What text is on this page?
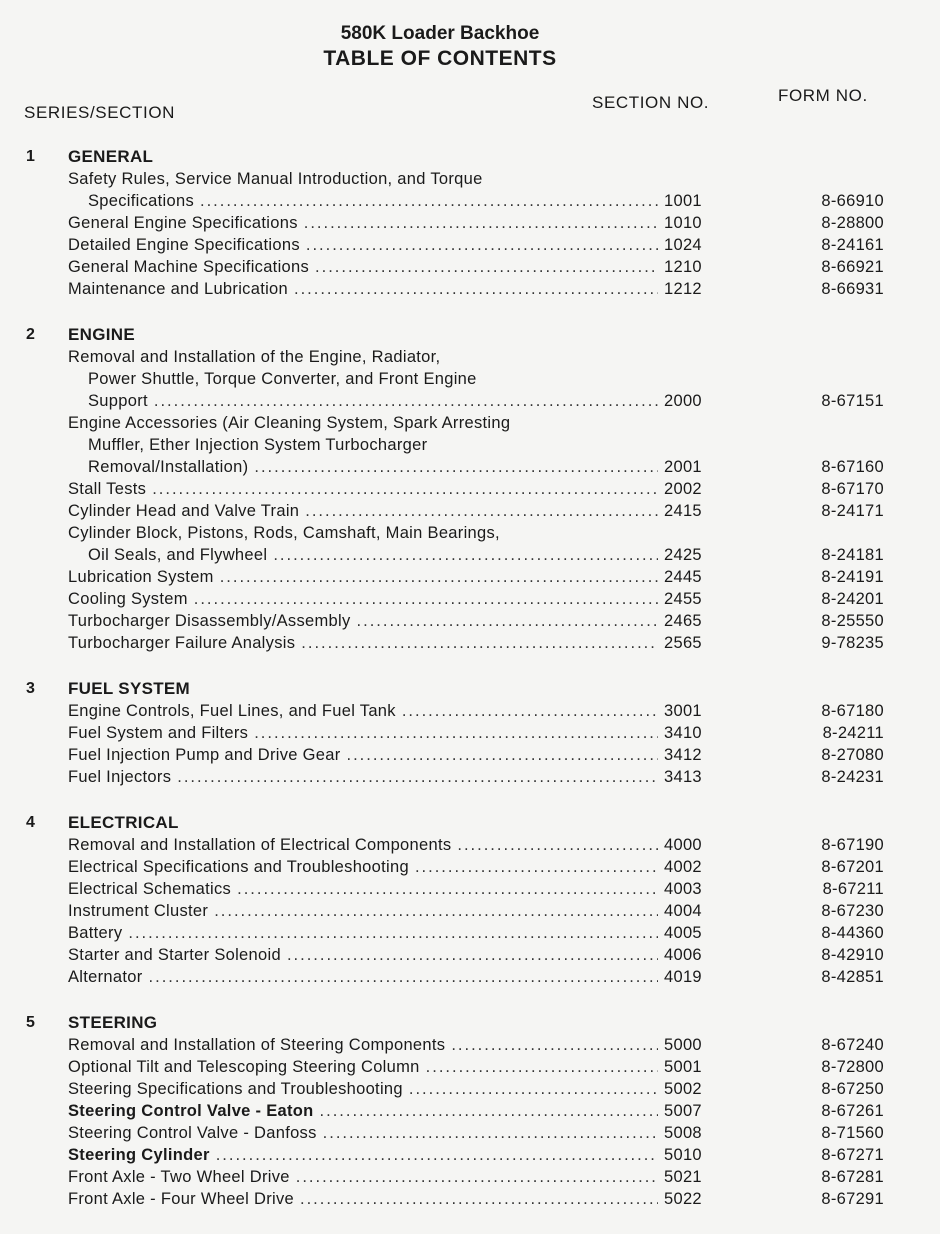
580K Loader Backhoe
TABLE OF CONTENTS
SERIES/SECTION
SECTION NO.	FORM NO.
1 GENERAL
Safety Rules, Service Manual Introduction, and Torque
Specifications .....	1001	8-66910
General Engine Specifications .....	1010	8-28800
Detailed Engine Specifications .....	1024	8-24161
General Machine Specifications .....	1210	8-66921
Maintenance and Lubrication .....	1212	8-66931
2 ENGINE
Removal and Installation of the Engine, Radiator,
Power Shuttle, Torque Converter, and Front Engine
Support .....	2000	8-67151
Engine Accessories (Air Cleaning System, Spark Arresting
Muffler, Ether Injection System Turbocharger
Removal/Installation) .....	2001	8-67160
Stall Tests .....	2002	8-67170
Cylinder Head and Valve Train .....	2415	8-24171
Cylinder Block, Pistons, Rods, Camshaft, Main Bearings,
Oil Seals, and Flywheel .....	2425	8-24181
Lubrication System .....	2445	8-24191
Cooling System .....	2455	8-24201
Turbocharger Disassembly/Assembly .....	2465	8-25550
Turbocharger Failure Analysis .....	2565	9-78235
3 FUEL SYSTEM
Engine Controls, Fuel Lines, and Fuel Tank .....	3001	8-67180
Fuel System and Filters .....	3410	8-24211
Fuel Injection Pump and Drive Gear .....	3412	8-27080
Fuel Injectors .....	3413	8-24231
4 ELECTRICAL
Removal and Installation of Electrical Components .....	4000	8-67190
Electrical Specifications and Troubleshooting .....	4002	8-67201
Electrical Schematics .....	4003	8-67211
Instrument Cluster .....	4004	8-67230
Battery .....	4005	8-44360
Starter and Starter Solenoid .....	4006	8-42910
Alternator .....	4019	8-42851
5 STEERING
Removal and Installation of Steering Components .....	5000	8-67240
Optional Tilt and Telescoping Steering Column .....	5001	8-72800
Steering Specifications and Troubleshooting .....	5002	8-67250
Steering Control Valve - Eaton .....	5007	8-67261
Steering Control Valve - Danfoss .....	5008	8-71560
Steering Cylinder .....	5010	8-67271
Front Axle - Two Wheel Drive .....	5021	8-67281
Front Axle - Four Wheel Drive .....	5022	8-67291
